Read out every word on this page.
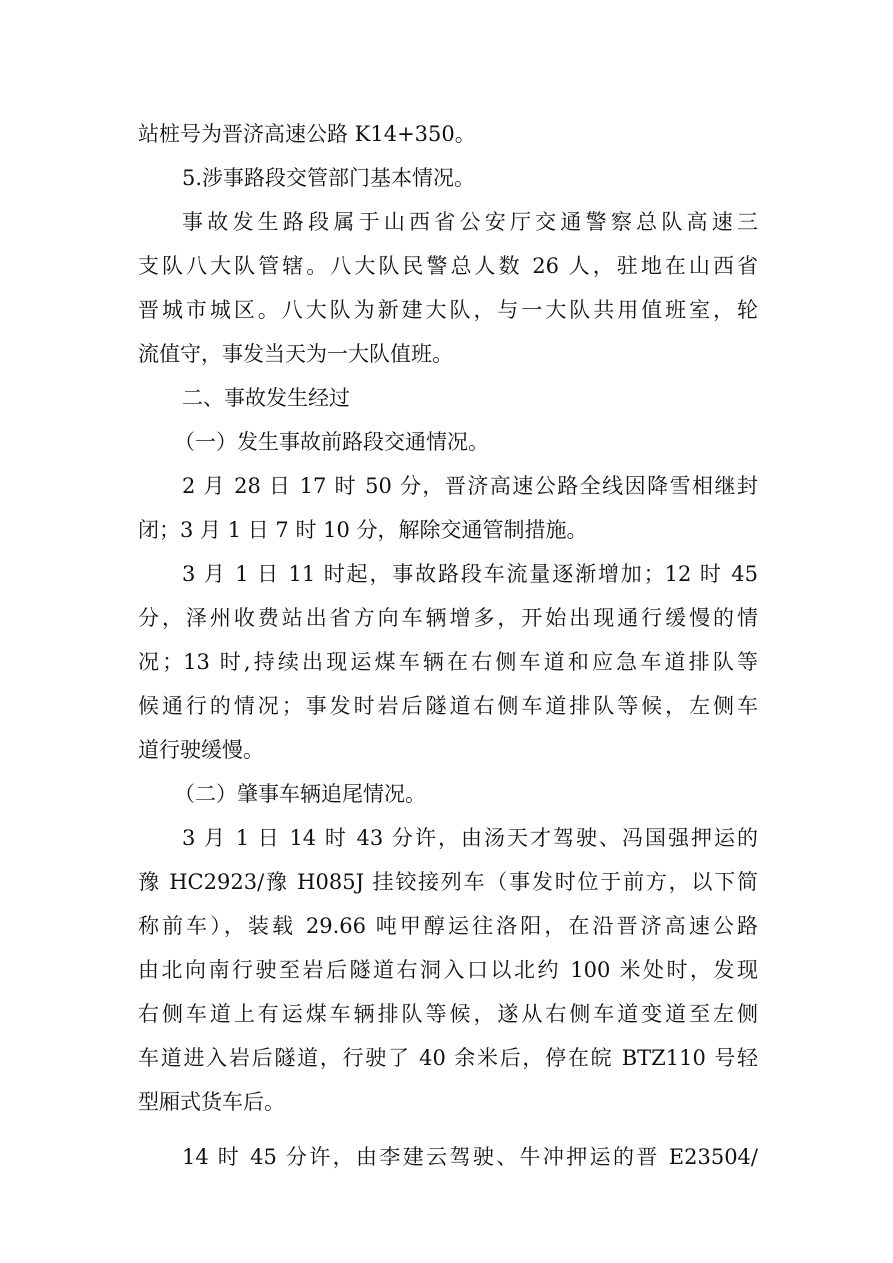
站桩号为晋济高速公路 K14+350。
5.涉事路段交管部门基本情况。
事故发生路段属于山西省公安厅交通警察总队高速三
支队八大队管辖。八大队民警总人数 26 人，驻地在山西省
晋城市城区。八大队为新建大队，与一大队共用值班室，轮
流值守，事发当天为一大队值班。
二、事故发生经过
（一）发生事故前路段交通情况。
2 月 28 日 17 时 50 分，晋济高速公路全线因降雪相继封
闭；3 月 1 日 7 时 10 分，解除交通管制措施。
3 月 1 日 11 时起，事故路段车流量逐渐增加；12 时 45
分，泽州收费站出省方向车辆增多，开始出现通行缓慢的情
况；13 时,持续出现运煤车辆在右侧车道和应急车道排队等
候通行的情况；事发时岩后隧道右侧车道排队等候，左侧车
道行驶缓慢。
（二）肇事车辆追尾情况。
3 月 1 日 14 时 43 分许，由汤天才驾驶、冯国强押运的
豫 HC2923/豫 H085J 挂铰接列车（事发时位于前方，以下简
称前车），装载 29.66 吨甲醇运往洛阳，在沿晋济高速公路
由北向南行驶至岩后隧道右洞入口以北约 100 米处时，发现
右侧车道上有运煤车辆排队等候，遂从右侧车道变道至左侧
车道进入岩后隧道，行驶了 40 余米后，停在皖 BTZ110 号轻
型厢式货车后。
14 时 45 分许，由李建云驾驶、牛冲押运的晋 E23504/
